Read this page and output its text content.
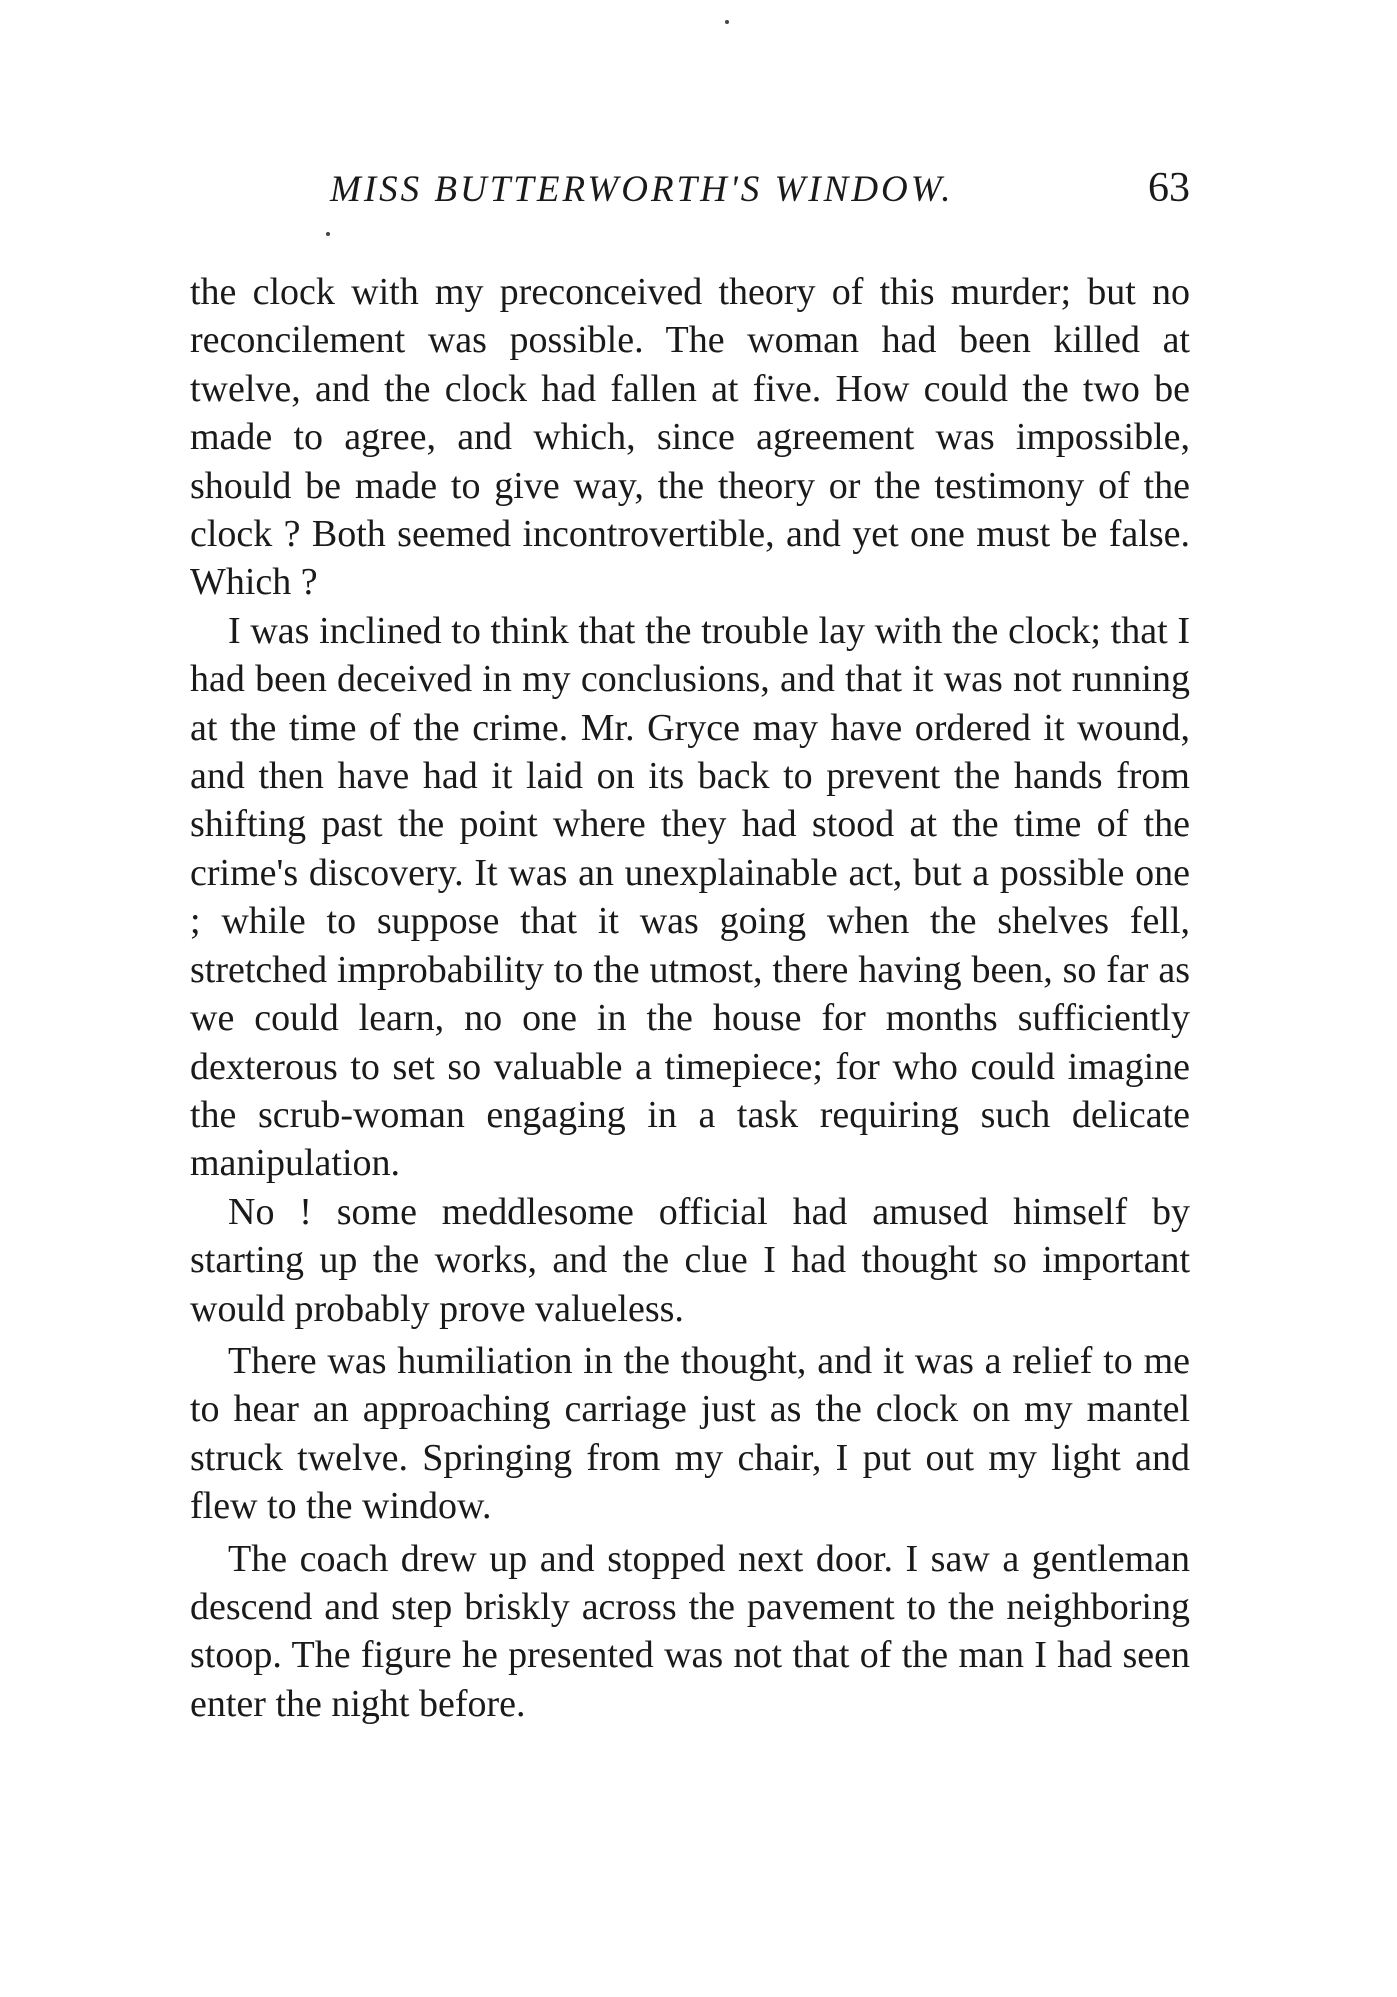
MISS BUTTERWORTH'S WINDOW.	63

the clock with my preconceived theory of this murder; but no reconcilement was possible. The woman had been killed at twelve, and the clock had fallen at five. How could the two be made to agree, and which, since agreement was impossible, should be made to give way, the theory or the testimony of the clock ? Both seemed incontrovertible, and yet one must be false. Which ?

I was inclined to think that the trouble lay with the clock; that I had been deceived in my conclusions, and that it was not running at the time of the crime. Mr. Gryce may have ordered it wound, and then have had it laid on its back to prevent the hands from shifting past the point where they had stood at the time of the crime's discovery. It was an unexplainable act, but a possible one ; while to suppose that it was going when the shelves fell, stretched improbability to the utmost, there having been, so far as we could learn, no one in the house for months sufficiently dexterous to set so valuable a timepiece; for who could imagine the scrub-woman engaging in a task requiring such delicate manipulation.

No ! some meddlesome official had amused himself by starting up the works, and the clue I had thought so important would probably prove valueless.

There was humiliation in the thought, and it was a relief to me to hear an approaching carriage just as the clock on my mantel struck twelve. Springing from my chair, I put out my light and flew to the window.

The coach drew up and stopped next door. I saw a gentleman descend and step briskly across the pavement to the neighboring stoop. The figure he presented was not that of the man I had seen enter the night before.
